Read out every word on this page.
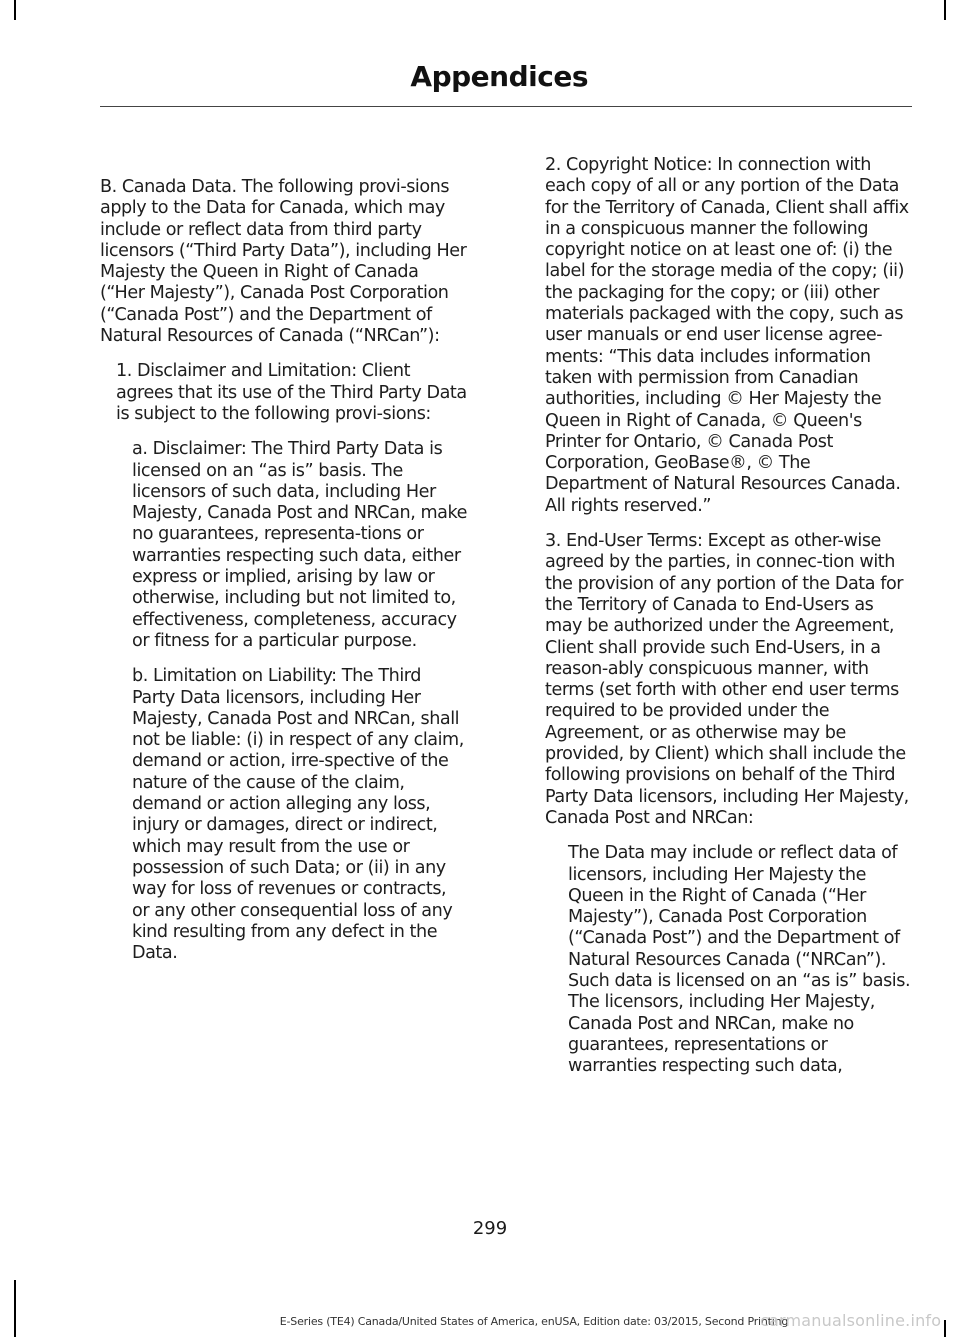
Appendices

B. Canada Data. The following provi-sions apply to the Data for Canada, which may include or reflect data from third party licensors (“Third Party Data”), including Her Majesty the Queen in Right of Canada (“Her Majesty”), Canada Post Corporation (“Canada Post”) and the Department of Natural Resources of Canada (“NRCan”):

1. Disclaimer and Limitation: Client agrees that its use of the Third Party Data is subject to the following provi-sions:

a. Disclaimer: The Third Party Data is licensed on an “as is” basis. The licensors of such data, including Her Majesty, Canada Post and NRCan, make no guarantees, representa-tions or warranties respecting such data, either express or implied, arising by law or otherwise, including but not limited to, effectiveness, completeness, accuracy or fitness for a particular purpose.

b. Limitation on Liability: The Third Party Data licensors, including Her Majesty, Canada Post and NRCan, shall not be liable: (i) in respect of any claim, demand or action, irre-spective of the nature of the cause of the claim, demand or action alleging any loss, injury or damages, direct or indirect, which may result from the use or possession of such Data; or (ii) in any way for loss of revenues or contracts, or any other consequential loss of any kind resulting from any defect in the Data.

2. Copyright Notice: In connection with each copy of all or any portion of the Data for the Territory of Canada, Client shall affix in a conspicuous manner the following copyright notice on at least one of: (i) the label for the storage media of the copy; (ii) the packaging for the copy; or (iii) other materials packaged with the copy, such as user manuals or end user license agree-ments: “This data includes information taken with permission from Canadian authorities, including © Her Majesty the Queen in Right of Canada, © Queen's Printer for Ontario, © Canada Post Corporation, GeoBase®, © The Department of Natural Resources Canada. All rights reserved.”

3. End-User Terms: Except as other-wise agreed by the parties, in connec-tion with the provision of any portion of the Data for the Territory of Canada to End-Users as may be authorized under the Agreement, Client shall provide such End-Users, in a reason-ably conspicuous manner, with terms (set forth with other end user terms required to be provided under the Agreement, or as otherwise may be provided, by Client) which shall include the following provisions on behalf of the Third Party Data licensors, including Her Majesty, Canada Post and NRCan:

The Data may include or reflect data of licensors, including Her Majesty the Queen in the Right of Canada (“Her Majesty”), Canada Post Corporation (“Canada Post”) and the Department of Natural Resources Canada (“NRCan”). Such data is licensed on an “as is” basis. The licensors, including Her Majesty, Canada Post and NRCan, make no guarantees, representations or warranties respecting such data,

299
E-Series (TE4) Canada/United States of America, enUSA, Edition date: 03/2015, Second Printing
carmanualsonline.info
